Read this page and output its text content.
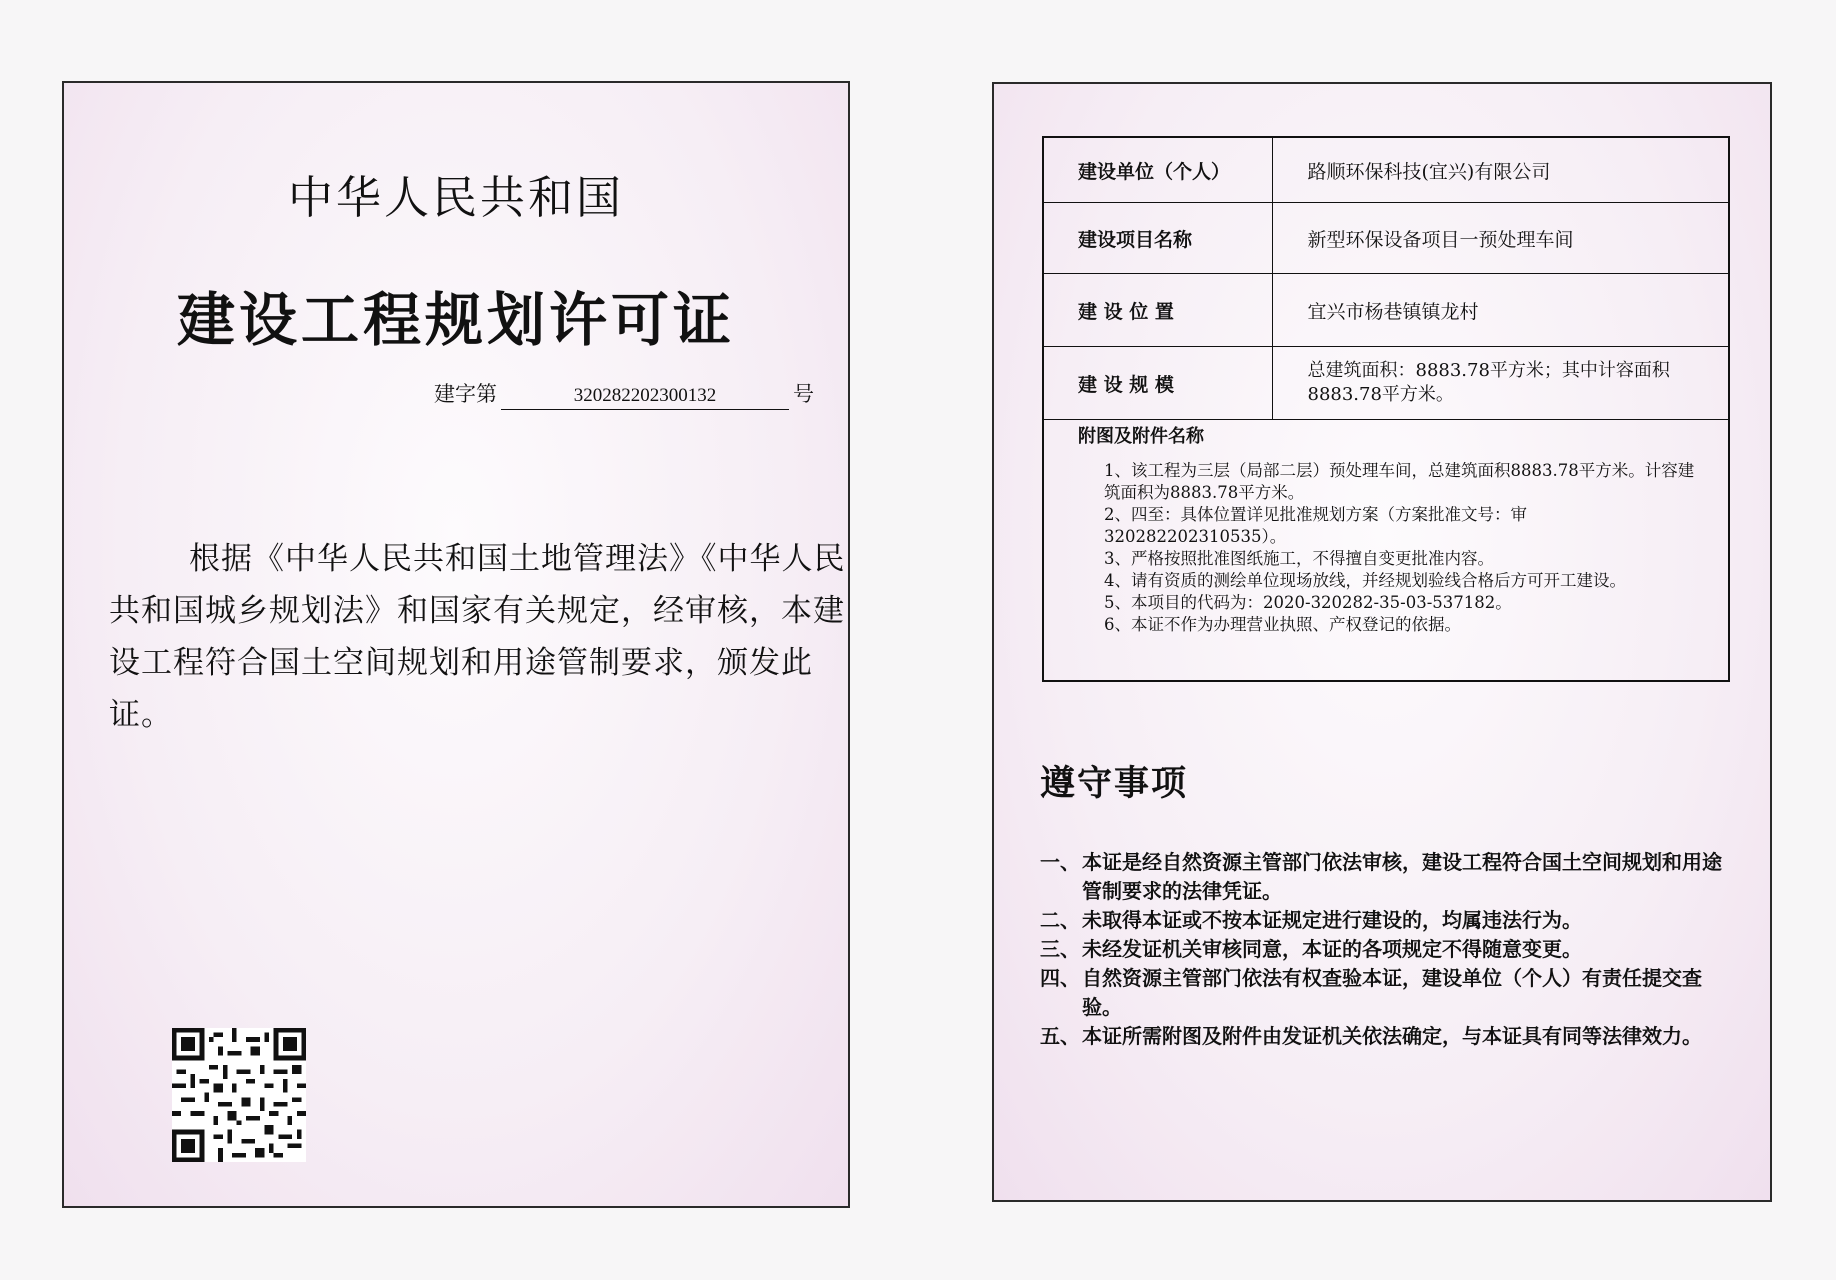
中华人民共和国
建设工程规划许可证
建字第	320282202300132	号
根据《中华人民共和国土地管理法》《中华人民共和国城乡规划法》和国家有关规定，经审核，本建设工程符合国土空间规划和用途管制要求，颁发此证。
建设单位（个人）	路顺环保科技(宜兴)有限公司
建设项目名称	新型环保设备项目一预处理车间
建 设 位 置	宜兴市杨巷镇镇龙村
建 设 规 模	总建筑面积：8883.78平方米；其中计容面积8883.78平方米。
附图及附件名称
1、该工程为三层（局部二层）预处理车间，总建筑面积8883.78平方米。计容建筑面积为8883.78平方米。
2、四至：具体位置详见批准规划方案（方案批准文号：审320282202310535）。
3、严格按照批准图纸施工，不得擅自变更批准内容。
4、请有资质的测绘单位现场放线，并经规划验线合格后方可开工建设。
5、本项目的代码为：2020-320282-35-03-537182。
6、本证不作为办理营业执照、产权登记的依据。
遵守事项
一、 本证是经自然资源主管部门依法审核，建设工程符合国土空间规划和用途管制要求的法律凭证。
二、 未取得本证或不按本证规定进行建设的，均属违法行为。
三、 未经发证机关审核同意，本证的各项规定不得随意变更。
四、 自然资源主管部门依法有权查验本证，建设单位（个人）有责任提交查验。
五、 本证所需附图及附件由发证机关依法确定，与本证具有同等法律效力。
